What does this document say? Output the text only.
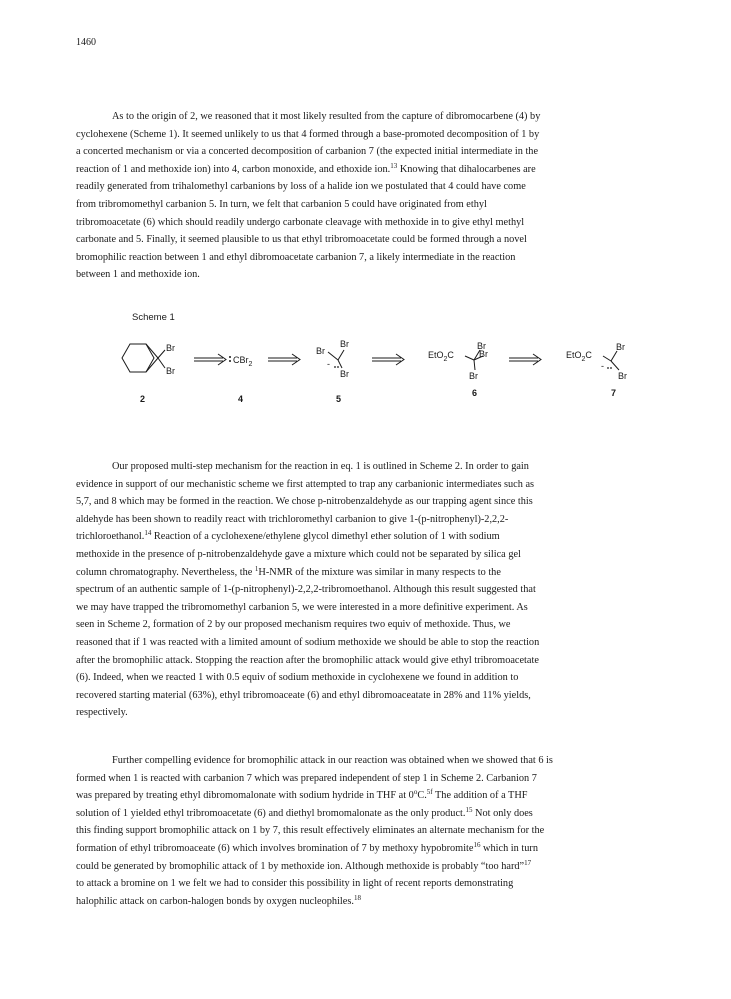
1460
As to the origin of 2, we reasoned that it most likely resulted from the capture of dibromocarbene (4) by
cyclohexene (Scheme 1). It seemed unlikely to us that 4 formed through a base-promoted decomposition of 1 by
a concerted mechanism or via a concerted decomposition of carbanion 7 (the expected initial intermediate in the
reaction of 1 and methoxide ion) into 4, carbon monoxide, and ethoxide ion.$^{13}$ Knowing that dihalocarbenes are
readily generated from trihalomethyl carbanions by loss of a halide ion we postulated that 4 could have come
from tribromomethyl carbanion 5. In turn, we felt that carbanion 5 could have originated from ethyl
tribromoacetate (6) which should readily undergo carbonate cleavage with methoxide in to give ethyl methyl
carbonate and 5. Finally, it seemed plausible to us that ethyl tribromoacetate could be formed through a novel
bromophilic reaction between 1 and ethyl dibromoacetate carbanion 7, a likely intermediate in the reaction
between 1 and methoxide ion.
Scheme 1
Br
Br
2
CBr$_2$
4
Br
Br
Br
-
5
EtO$_2$C
Br
Br
Br
6
EtO$_2$C
Br
Br
-
7
Our proposed multi-step mechanism for the reaction in eq. 1 is outlined in Scheme 2. In order to gain
evidence in support of our mechanistic scheme we first attempted to trap any carbanionic intermediates such as
5,7, and 8 which may be formed in the reaction. We chose p-nitrobenzaldehyde as our trapping agent since this
aldehyde has been shown to readily react with trichloromethyl carbanion to give 1-(p-nitrophenyl)-2,2,2-
trichloroethanol.$^{14}$ Reaction of a cyclohexene/ethylene glycol dimethyl ether solution of 1 with sodium
methoxide in the presence of p-nitrobenzaldehyde gave a mixture which could not be separated by silica gel
column chromatography. Nevertheless, the $^1$H-NMR of the mixture was similar in many respects to the
spectrum of an authentic sample of 1-(p-nitrophenyl)-2,2,2-tribromoethanol. Although this result suggested that
we may have trapped the tribromomethyl carbanion 5, we were interested in a more definitive experiment. As
seen in Scheme 2, formation of 2 by our proposed mechanism requires two equiv of methoxide. Thus, we
reasoned that if 1 was reacted with a limited amount of sodium methoxide we should be able to stop the reaction
after the bromophilic attack. Stopping the reaction after the bromophilic attack would give ethyl tribromoacetate
(6). Indeed, when we reacted 1 with 0.5 equiv of sodium methoxide in cyclohexene we found in addition to
recovered starting material (63%), ethyl tribromoaceate (6) and ethyl dibromoaceatate in 28% and 11% yields,
respectively.
Further compelling evidence for bromophilic attack in our reaction was obtained when we showed that 6 is
formed when 1 is reacted with carbanion 7 which was prepared independent of step 1 in Scheme 2. Carbanion 7
was prepared by treating ethyl dibromomalonate with sodium hydride in THF at 0$^o$C.$^{5f}$ The addition of a THF
solution of 1 yielded ethyl tribromoacetate (6) and diethyl bromomalonate as the only product.$^{15}$ Not only does
this finding support bromophilic attack on 1 by 7, this result effectively eliminates an alternate mechanism for the
formation of ethyl tribromoaceate (6) which involves bromination of 7 by methoxy hypobromite$^{16}$ which in turn
could be generated by bromophilic attack of 1 by methoxide ion. Although methoxide is probably “too hard”$^{17}$
to attack a bromine on 1 we felt we had to consider this possibility in light of recent reports demonstrating
halophilic attack on carbon-halogen bonds by oxygen nucleophiles.$^{18}$
